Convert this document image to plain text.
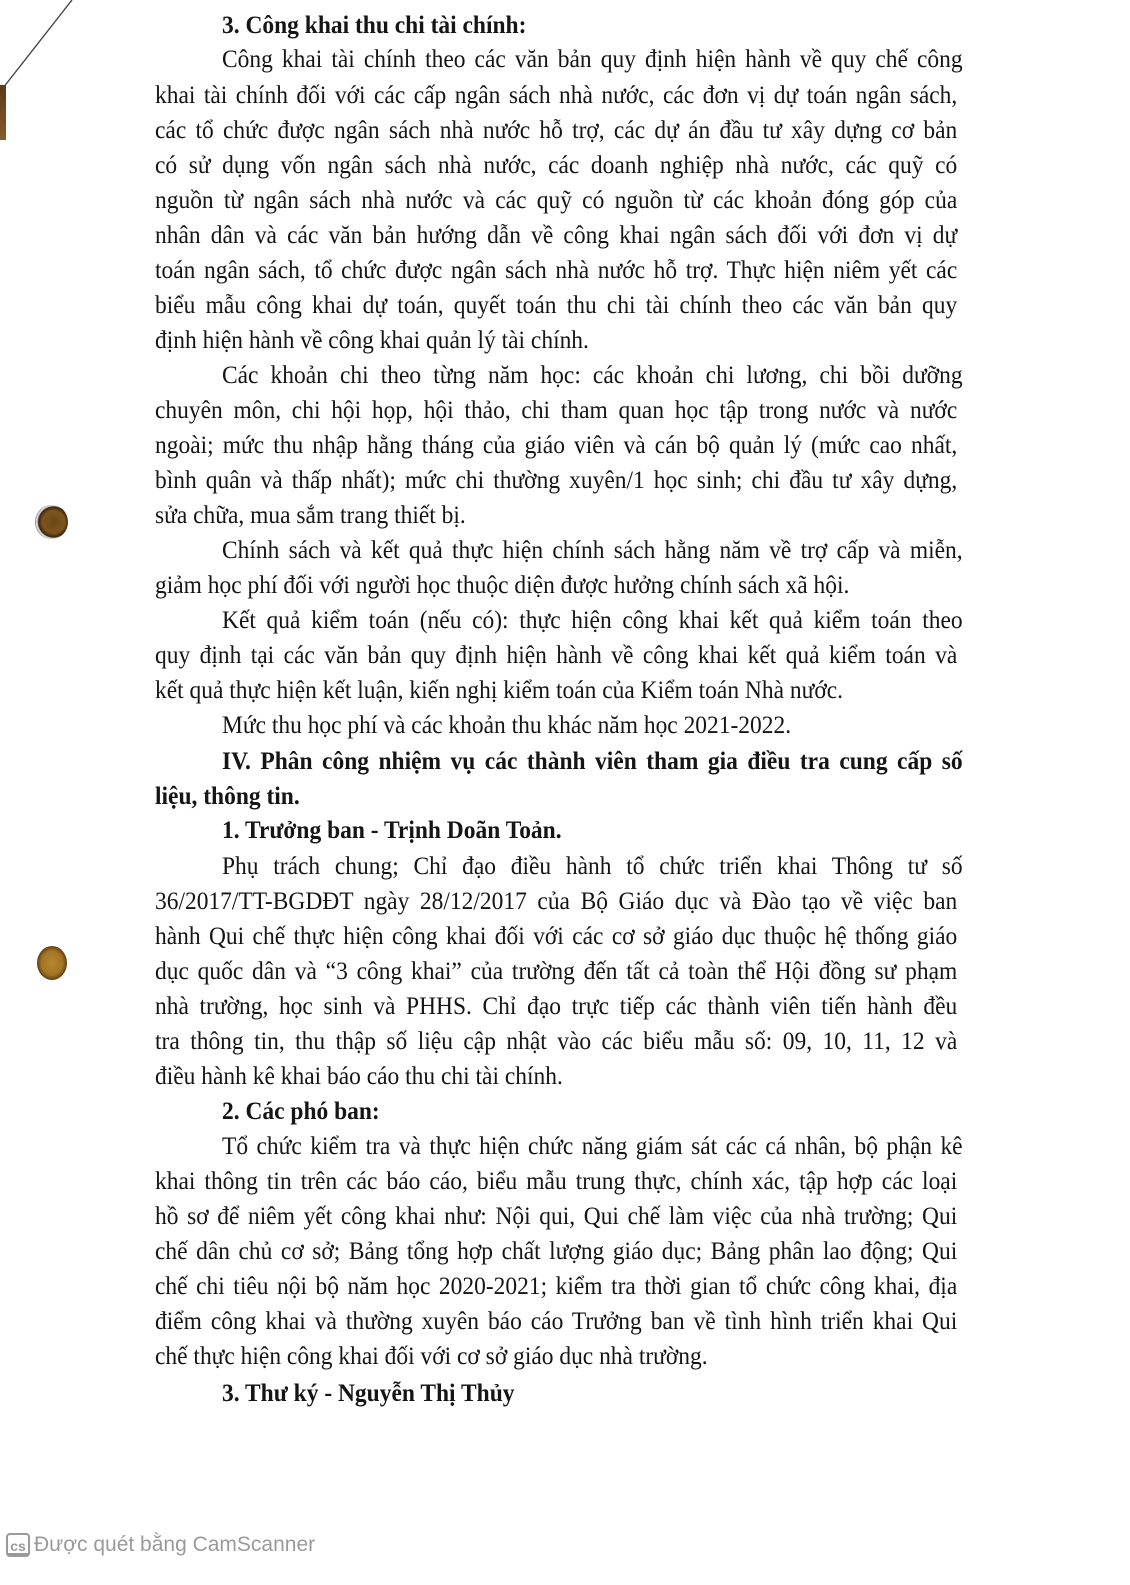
3. Công khai thu chi tài chính:
Công khai tài chính theo các văn bản quy định hiện hành về quy chế công
khai tài chính đối với các cấp ngân sách nhà nước, các đơn vị dự toán ngân sách,
các tổ chức được ngân sách nhà nước hỗ trợ, các dự án đầu tư xây dựng cơ bản
có sử dụng vốn ngân sách nhà nước, các doanh nghiệp nhà nước, các quỹ có
nguồn từ ngân sách nhà nước và các quỹ có nguồn từ các khoản đóng góp của
nhân dân và các văn bản hướng dẫn về công khai ngân sách đối với đơn vị dự
toán ngân sách, tổ chức được ngân sách nhà nước hỗ trợ. Thực hiện niêm yết các
biểu mẫu công khai dự toán, quyết toán thu chi tài chính theo các văn bản quy
định hiện hành về công khai quản lý tài chính.
Các khoản chi theo từng năm học: các khoản chi lương, chi bồi dưỡng
chuyên môn, chi hội họp, hội thảo, chi tham quan học tập trong nước và nước
ngoài; mức thu nhập hằng tháng của giáo viên và cán bộ quản lý (mức cao nhất,
bình quân và thấp nhất); mức chi thường xuyên/1 học sinh; chi đầu tư xây dựng,
sửa chữa, mua sắm trang thiết bị.
Chính sách và kết quả thực hiện chính sách hằng năm về trợ cấp và miễn,
giảm học phí đối với người học thuộc diện được hưởng chính sách xã hội.
Kết quả kiểm toán (nếu có): thực hiện công khai kết quả kiểm toán theo
quy định tại các văn bản quy định hiện hành về công khai kết quả kiểm toán và
kết quả thực hiện kết luận, kiến nghị kiểm toán của Kiểm toán Nhà nước.
Mức thu học phí và các khoản thu khác năm học 2021-2022.
IV. Phân công nhiệm vụ các thành viên tham gia điều tra cung cấp số
liệu, thông tin.
1. Trưởng ban - Trịnh Doãn Toản.
Phụ trách chung; Chỉ đạo điều hành tổ chức triển khai Thông tư số
36/2017/TT-BGDĐT ngày 28/12/2017 của Bộ Giáo dục và Đào tạo về việc ban
hành Qui chế thực hiện công khai đối với các cơ sở giáo dục thuộc hệ thống giáo
dục quốc dân và “3 công khai” của trường đến tất cả toàn thể Hội đồng sư phạm
nhà trường, học sinh và PHHS. Chỉ đạo trực tiếp các thành viên tiến hành đều
tra thông tin, thu thập số liệu cập nhật vào các biểu mẫu số: 09, 10, 11, 12 và
điều hành kê khai báo cáo thu chi tài chính.
2. Các phó ban:
Tổ chức kiểm tra và thực hiện chức năng giám sát các cá nhân, bộ phận kê
khai thông tin trên các báo cáo, biểu mẫu trung thực, chính xác, tập hợp các loại
hồ sơ để niêm yết công khai như: Nội qui, Qui chế làm việc của nhà trường; Qui
chế dân chủ cơ sở; Bảng tổng hợp chất lượng giáo dục; Bảng phân lao động; Qui
chế chi tiêu nội bộ năm học 2020-2021; kiểm tra thời gian tổ chức công khai, địa
điểm công khai và thường xuyên báo cáo Trưởng ban về tình hình triển khai Qui
chế thực hiện công khai đối với cơ sở giáo dục nhà trường.
3. Thư ký - Nguyễn Thị Thủy
cs Được quét bằng CamScanner
